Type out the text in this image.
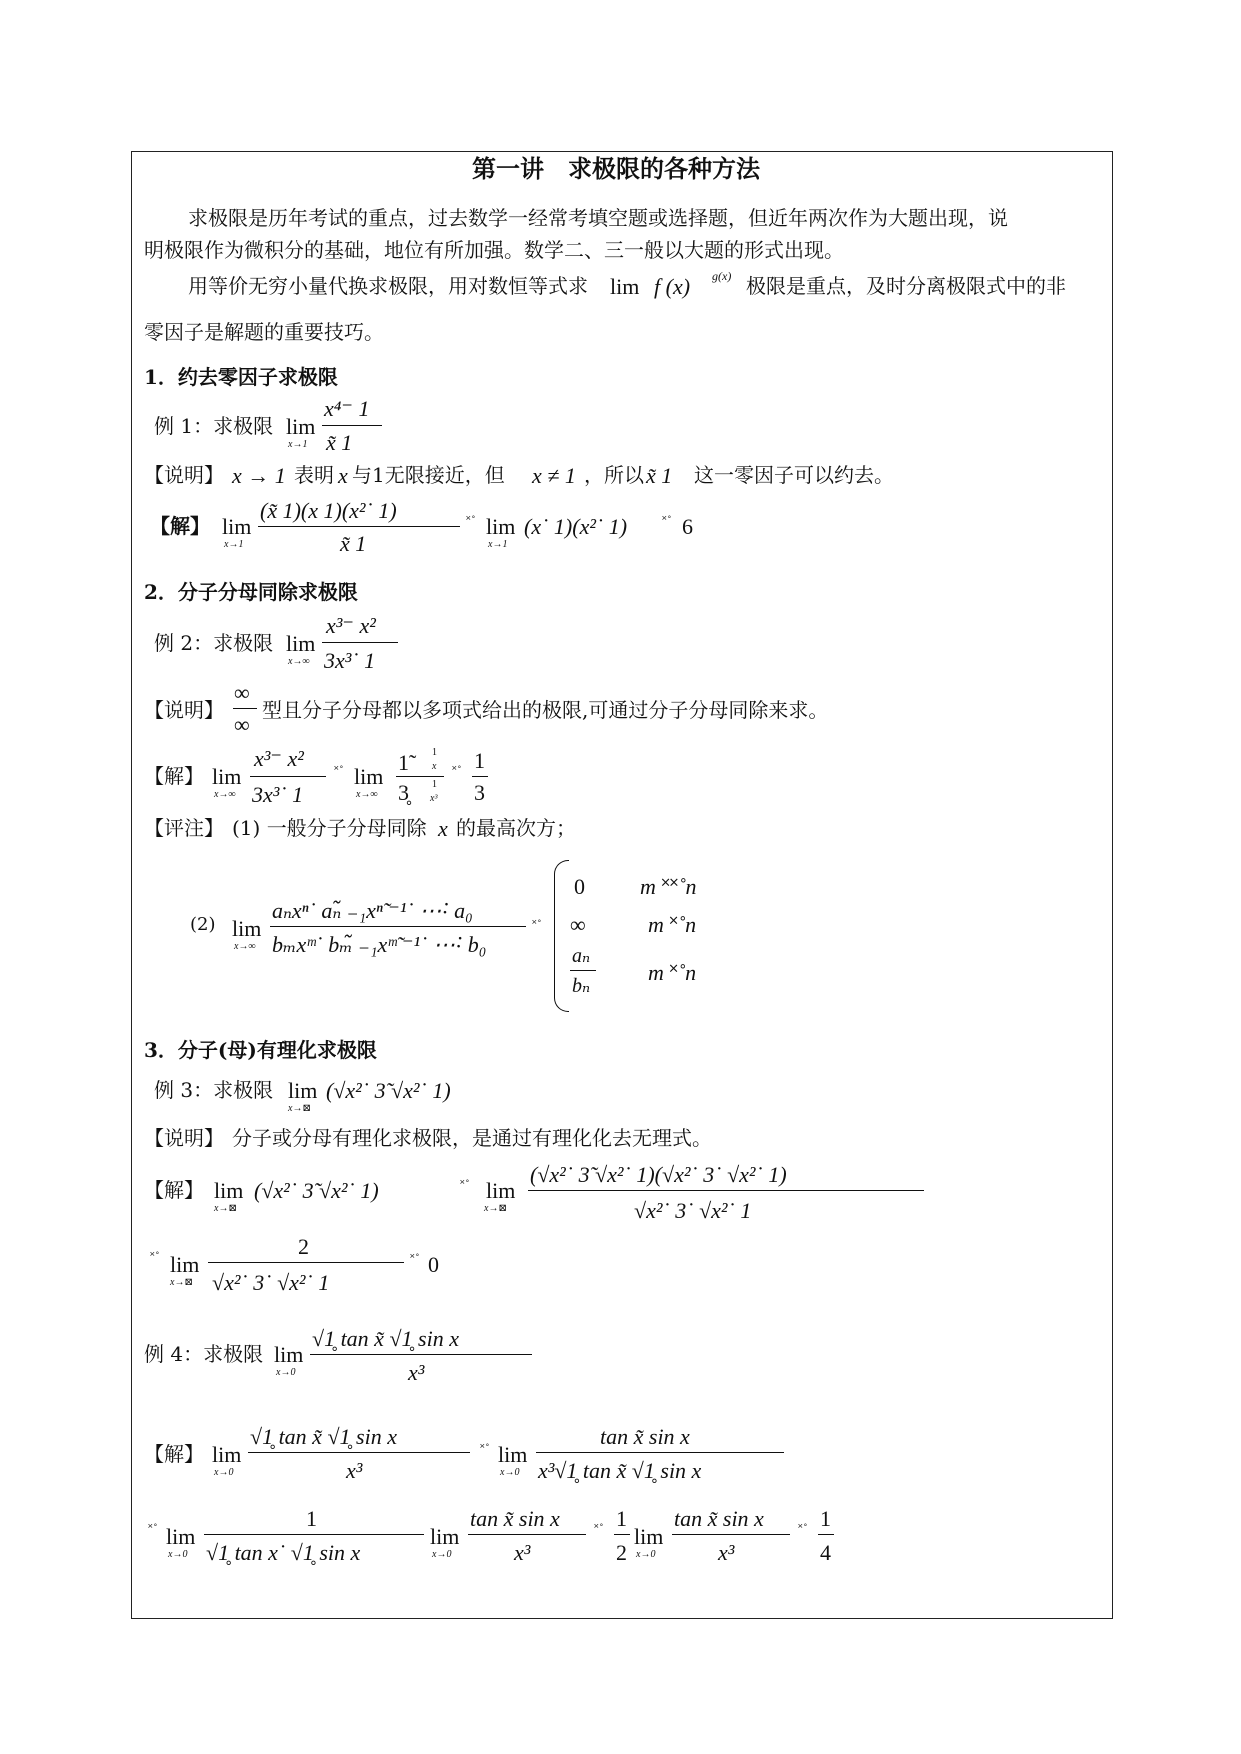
第一讲　求极限的各种方法
求极限是历年考试的重点，过去数学一经常考填空题或选择题，但近年两次作为大题出现，说
明极限作为微积分的基础，地位有所加强。数学二、三一般以大题的形式出现。
用等价无穷小量代换求极限，用对数恒等式求 lim f (x) g(x) 极限是重点，及时分离极限式中的非
零因子是解题的重要技巧。
1．约去零因子求极限
例 1：求极限 lim
x→1
x⁴⁻ 1
x̃ 1
【说明】 x → 1 表明 x 与1无限接近，但 x ≠ 1 ，所以 x̃ 1 这一零因子可以约去。
【解】 lim
x→1
(x̃ 1)(x 1)(x²˙ 1)
x̃ 1
˟˚ lim
x→1
(x˙ 1)(x²˙ 1)	˟˚ 6
2．分子分母同除求极限
例 2：求极限 lim
x→∞
x³⁻ x²
3x³˙ 1
【说明】
∞
∞
型且分子分母都以多项式给出的极限,可通过分子分母同除来求。
【解】 lim
x→∞
x³⁻ x²
3x³˙ 1
˟˚ lim
x→∞
1̃ 1
x
3̥ 1
x³
˟˚ 1
3
【评注】 (1) 一般分子分母同除 x 的最高次方；
(2) lim
x→∞
aₙxⁿ˙ aₙ̃ ₋₁xⁿ̃ ⁻¹˙ ⋯˸ a₀
bₘxᵐ˙ bₘ̃ ₋₁xᵐ̃ ⁻¹˙ ⋯˸ b₀
˟˚
0	m ˟˟˚n
∞	m ˟˚n
aₙ
bₙ
m ˟˚n
3．分子(母)有理化求极限
例 3：求极限 lim
x→⊠
(√x²˙ 3̃ √x²˙ 1)
【说明】 分子或分母有理化求极限，是通过有理化化去无理式。
【解】 lim
x→⊠
(√x²˙ 3̃ √x²˙ 1)	˟˚ lim
x→⊠
(√x²˙ 3̃ √x²˙ 1)(√x²˙ 3˙ √x²˙ 1)
√x²˙ 3˙ √x²˙ 1
˟˚ lim
x→⊠
2
√x²˙ 3˙ √x²˙ 1
˟˚ 0
例 4：求极限 lim
x→0
√1̥ tan x̃ √1̥ sin x
x³
【解】 lim
x→0
√1̥ tan x̃ √1̥ sin x
x³
˟˚ lim
x→0
tan x̃ sin x
x³√1̥ tan x̃ √1̥ sin x
˟˚ lim
x→0
1
√1̥ tan x˙ √1̥ sin x
lim
x→0
tan x̃ sin x
x³
˟˚ 1
2
lim
x→0
tan x̃ sin x
x³
˟˚ 1
4
